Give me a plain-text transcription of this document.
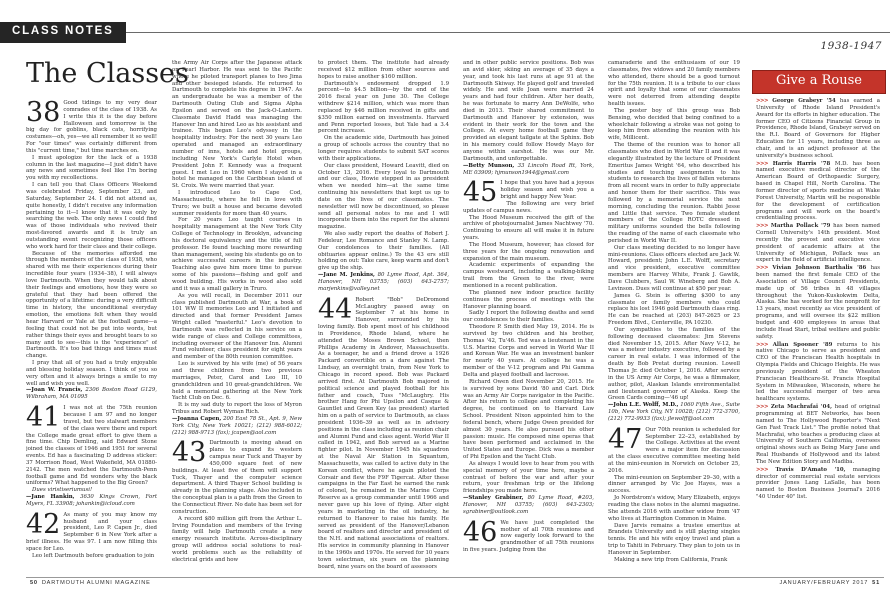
CLASS NOTES
1938-1947
The Classes
38 Good tidings to my very dear comrades of the class of 1938. As I write this it is the day before Halloween and tomorrow is the big day for goblins, black cats, horrifying costumes—oh, yes—we all remember it so well! For "our times" was certainly different from this "current time," but time marches on.

I must apologize for the lack of a 1938 column in the last magazine—I just didn't have any news and sometimes feel like I'm boring you with my recollections.

I can tell you that Class Officers Weekend was celebrated Friday, September 23, and Saturday, September 24. I did not attend as, quite honestly, I didn't receive any information pertaining to it—I know that it was only by searching the web. The only news I could find was of those individuals who revived their most-favored awards and it is truly an outstanding event recognizing those officers who work hard for their class and their college.

Because of the memories afforded me through the members of the class of 1938, who shared with me their experiences during their incredible four years (1934–38), I will always love Dartmouth. When they would talk about their feelings and emotions, how they were so grateful that they had been offered the opportunity of a lifetime: during a very difficult time in history, the unconditional everyday emotion, the emotions felt when they would hear Harvard or Yale at the football game—a feeling that could not be put into words, but rather things their eyes and brought tears to so many and to see—this is the "experience" of Dartmouth. It's too bad things and times must change.

I pray that all of you had a truly enjoyable and blessing holiday season. I think of you so very often and it always brings a smile to my well and wish you well.

—Joan W. Francis, 2306 Boston Road G129, Wilbraham, MA 01095

41 I was not at the 75th reunion because I am 97 and no longer travel, but two stalwart members of the class were there and report the College made great effort to give them a fine time. Chip Demling, said Edward Stone joined the classes of 1946 and 1951 for several events. Ed has a fascinating D address sticker: 37 Morrison Road, West Wakefield, MA 01880-2142. The men watched the Dartmouth-Penn football game and Ed wonders why the black uniforms? What happened to the Big Green?

Dues viristiseriumusi!

—Jane Hankin, 3630 Kings Crown, Fort Myers, FL 33908; johankin@icloud.com

42 As many of you may know my husband and your class president, Leo P. Capen Jr., died September 6 in New York after a brief illness. He was 97. I am now filling this space for Leo.

Leo left Dartmouth before graduation to join

the Army Air Corps after the Japanese attack on Pearl Harbor. He was sent to the Pacific where he piloted transport planes to Iwo Jima and other besieged islands. He returned to Dartmouth to complete his degree in 1947. As an undergraduate he was a member of the Dartmouth Outing Club and Sigma Alpha Epsilon and served on the Jack-O-Lantern. Classmate David Hadd was managing the Hanover Inn and hired Leo as his assistant and trainee. This began Leo's odyssey in the hospitality industry. For the next 30 years Leo operated and managed an extraordinary number of inns, hotels and hotel groups, including New York's Carlyle Hotel when President John F. Kennedy was a frequent guest. I met Leo in 1960 when I stayed in a hotel he managed on the Caribbean island of St. Croix. We were married that year.

I introduced Leo to Cape Cod, Massachusetts, where he fell in love with Truro; we built a house and became devoted summer residents for more than 40 years.

For 20 years Leo taught courses in hospitality management at the New York City College of Technology in Brooklyn, advancing his doctoral equivalency and the title of full professor. He found teaching more rewarding than management, seeing his students go on to achieve successful careers in the industry. Teaching also gave him more time to pursue some of his passions—fishing and golf and wood building. His works in wood also sold and it was a small gallery in Truro.

As you will recall, in December 2011 our class published Dartmouth at War, a book of 101 WW II memories Leo and I initiated and directed and that former President James Wright called "masterful." Leo's devotion to Dartmouth was reflected in his service on a wide range of class and College committees, including overseer of the Hanover Inn. Alumni Fund volunteer, class president for eight years and member of the 80th reunion committee.

Leo is survived by his wife (me) of 56 years and three children from two previous marriages, Peter, Carol and Leo III, 10 grandchildren and 10 great-grandchildren. We held a memorial gathering at the New York Yacht Club on Dec. 6.

It is my sad duty to report the loss of Myron Tribus and Robert Wyman Rich.

—Joanna Capen, 200 East 78 St., Apt. 9, New York City, New York 10021; (212) 988-6012; (212) 988-9713 (fax); jcapen@aol.com

43 Dartmouth is moving ahead on plans to expand its western campus near Tuck and Thayer by 450,000 square feet of new buildings. At least five of them will support Tuck, Thayer and the computer science department. A third Thayer School building is already in the planning stage. Also included in the conceptual plan is a path from the Green to the Connecticut River. No date has been set for construction.

A record $80 million gift from the Arthur L. Irving Foundation and members of the Irving family will help Dartmouth create a new energy research institute. Across-disciplinary group will address social solutions to real-world problems such as the reliability of electrical grids and how

to protect them. The institute had already received $12 million from other sources and hopes to raise another $160 million.

Dartmouth's endowment dropped 1.9 percent—to $4.5 billion—by the end of the 2016 fiscal year on June 30. The College withdrew $214 million, which was more than replaced by $46 million received in gifts and $350 million earned on investments. Harvard and Penn reported losses, but Yale had a 3.4 percent increase.

On the academic side, Dartmouth has joined a group of schools across the country that no longer requires students to submit SAT scores with their applications.

Our class president, Howard Leavitt, died on October 13, 2016. Every loyal to Dartmouth and our class, Howie stepped in as president when we needed him—at the same time continuing his newsletters that kept us up to date on the lives of our classmates. The newsletter will now be discontinued, so please send all personal notes to me and I will incorporate them into the report for the alumni magazine.

We also sadly report the deaths of Robert J. Fedeleur, Lee Romance and Stanley N. Lamp. Our condolences to their families. (All obituaries appear online.) To the 43 ers still holding on out: Take care, keep warm and don't give up the ship.

—Jane M. Jenkins, 80 Lyme Road, Apt. 364, Hanover, NH 03755; (603) 643-2757; marjenkins@valley.net

44 Robert "Bob" DeDromond McLaughry passed away on September 7 at his home in Hanover, surrounded by his loving family. Bob spent most of his childhood in Providence, Rhode Island, where he attended the Moses Brown School, then Phillips Academy in Andover, Massachusetts. As a teenager, he and a friend drove a 1926 Packard convertible on a dare against The Lindsay, an overnight train, from New York to Chicago in record speed. Bob was Packard arrived first. At Dartmouth Bob majored in political science and played football for his father and coach, Tuss "McLaughry. His brother Hang for Phi Upsilon and Casque & Gauntlet and Green Key (as president) started him on a path of service to Dartmouth, as class president 1936–39 as well as in advisory positions in the class including as reunion chair and Alumni Fund and class agent. World War II called in 1942, and Bob served as a Marine fighter pilot. In November 1945 his squadron at the Naval Air Station in Squantum, Massachusetts, was called to active duty in the Korean conflict, where he again piloted the Corsair and flew the F9F Tigercat. After these campaigns in the Far East he earned the rank of colonel, he remained in the Marine Corps Reserve as a group commander until 1966 and never gave up his love of flying. After eight years in marketing in the oil industry, he returned to Hanover to raise his family. He served as president of the Hanover/Lebanon board of realtors and director and president of the N.H. and national associations of realtors. His service in community planning in Hanover in the 1960s and 1970s. He served for 10 years town selectman, six years on the planning board, nine years on the board of assessors

and in other public service positions. Bob was an avid skier, skiing an average of 35 days a year, and took his last runs at age 91 at the Dartmouth Skiway. He played golf and traveled widely. He and wife Joan were married 24 years and had four children. After her death, he was fortunate to marry Ann DeWolfe, who died in 2013. Their shared commitment to Dartmouth and Hanover by extension, was evident in their work for the town and the College. At every home football game they provided an elegant tailgate at the Sphinx. Bob in his memory could follow Howdy Mayo for anyone within earshot. He was our Mr. Dartmouth, and unforgettable.

—Betty Munson, 33 Lincoln Road Rt, York, ME 03909; hjmunson1944@gmail.com

45 I hope that you have had a joyous holiday season and wish you a bright and happy New Year.

The following are very brief updates of campus news.

The Hood Museum received the gift of the archive of photojournalist James Nachtwey '70. Continuing to ensure all will make it in future years.

The Hood Museum, however, has closed for three years for the ongoing renovation and expansion of the main museum.

Academic experiments of expanding the campus westward, including a walking-biking trail from the Green to the river, were mentioned in a recent publication.

The planned new indoor practice facility continues the process of meetings with the Hanover planning board.

Sadly I report the following deaths and send our condolences to their families.

Theodore P. Smith died May 19, 2014. He is survived by two children and his brother, Thomas '42, Tu'46. Ted was a lieutenant in the U.S. Marine Corps and served in World War II and Korean War. He was an investment banker for nearly 40 years. At college he was a member of the V-12 program and Phi Gamma Delta and played football and lacrosse.

Richard Owen died November 20, 2015. He is survived by sons David '80 and Carl. Dick was an Army Air Corps navigator in the Pacific. After his return to college and completing his degree, he continued on to Harvard Law School. President Nixon appointed him to the federal bench, where Judge Owen presided for almost 30 years. He also pursued his other passion: music. He composed nine operas that have been performed and acclaimed in the United States and Europe. Dick was a member of Phi Epsilon and the Yacht Club.

As always I would love to hear from you with special memory of your time here, maybe a contrast of before the war and after your return, your freshman trip or the lifelong friendships you made here.

—Stanley Grabiner, 80 Lyme Road, #203, Hanover, NH 03755; (603) 643-2303; sgrabiner@outlook.com

46 We have just completed the mother of all 70th reunions and now eagerly look forward to the grandmother of all 75th reunions in five years. Judging from the

camaraderie and the enthusiasm of our 19 classmates, five widows and 20 family members who attended, there should be a good turnout for the 75th reunion. It is a tribute to our class spirit and loyalty that some of our classmates were not deterred from attending despite health issues.

The poster boy of this group was Bob Bensing, who decided that being confined to a wheelchair following a stroke was not going to keep him from attending the reunion with his wife, Millicent.

The theme of the reunion was to honor all classmates who died in World War II and it was elegantly illustrated by the lecture of President Emeritus James Wright '64, who described his studies and touching assignments to his students to research the lives of fallen veterans from all recent wars in order to fully appreciate and honor them for their sacrifice. This was followed by a memorial service the next morning, concluding the reunion. Rabbi Jesse and Little that service. Two female student members of the College ROTC dressed in military uniforms sounded the bells following the reading of the name of each classmate who perished in World War II.

Our class meeting decided to no longer have mini-reunions. Class officers elected are Jack W. Howard, president; John L.E. Wolff, secretary and vice president, executive committee members are Harvey White, Frank J. Gawlik, Dave Clubbers, Saul W. Wineberg and Bob A. Levinson. Dues will continue at $50 per year.

James G. Stein is offering $300 to any classmate or family members who could replace his lost 1946 gold Dartmouth class ring. He can be reached at (203) 847-2625 or 23 Freedom Blvd., Centerville, PA 10230.

Our sympathies to the families of the following deceased classmates: Jim Stevens died November 15, 2015. After Navy V-12, he was a meteor industry executive, followed by a career in real estate. I was informed of the death by Bob Pretat during reunion. Lowell Thomas Jr. died October 1, 2016. After service in the US Army Air Corps, he was a filmmaker, author, pilot, Alaskan Islands environmentalist and lieutenant governor of Alaska. Keep the Green Cards coming—'46 up!

—John L.E. Wolff, M.D., 1060 Fifth Ave., Suite 10b, New York City, NY 10028; (212) 772-3700, (212) 772-9933 (fax); jlewolff@aol.com

47 Our 70th reunion is scheduled for September 22–23, established by the College. Activities at the event were a major item for discussion at the class executive committee meeting held at the mini-reunion in Norwich on October 25, 2016.

The mini-reunion on September 29–30, with a dinner arranged by Vic Joe Hayes, was a success.

Jo Nordstrom's widow, Mary Elizabeth, enjoys reading the class notes in the alumni magazine. She attends 2016 with another widow from '47 who lives at Harrington Common in Maine.

Dave Jarvis remains a trustee emeritus at Brandeis University and is still playing singles tennis. He and his wife enjoy travel and plan a trip to Tahiti in February. They plan to join us in Hanover in September.

Making a new trip from California, Frank

Give a Rouse

>>> George Grabeyr '54 has earned a University of Rhode Island President's Award for its efforts in higher education. The former CEO of Citizens Financial Group in Providence, Rhode Island, Grabeyr served on the R.I. Board of Governors for Higher Education for 11 years, including three as chair, and is an adjunct professor at the university's business school.

>>> Harris Harris '78 M.D. has been named executive medical director of the American Board of Orthopaedic Surgery, based in Chapel Hill, North Carolina. The former director of sports medicine at Wake Forest University, Martin will be responsible for the development of certification programs and will work on the board's credentialing process.

>>> Martha Pollack '79 has been named Cornell University's 14th president. Most recently the provost and executive vice president of academic affairs at the University of Michigan, Pollack was an expert in the field of artificial intelligence.

>>> Vivian Johnson Barthalis '86 has been named the first female CEO of the Association of Village Council Presidents, made up of 56 tribes in 48 villages throughout the Yukon-Kuskokwim Delta, Alaska. She has worked for the nonprofit for 13 years, most recently as vice president of programs, and will oversee its $22 million budget and 400 employees in areas that include Head Start, tribal welfare and public safety.

>>> Allan Spooner '89 returns to his native Chicago to serve as president and CEO of the Franciscan Health hospitals in Olympia Fields and Chicago Heights. He was previously president of the Wheaton Franciscan Healthcare-St. Francis Hospital System in Milwaukee, Wisconsin, where he led the successful merger of two area healthcare systems.

>>> Zeta Machrafai '04, head of original programming at BET Networks, has been named to The Hollywood Reporter's "Next Gen Fast Track List." The profile noted that Machrafai, who teaches a producing class at University of Southern California, oversees original shows such as Being Mary Jane and Real Husbands of Hollywood and its latest The New Edition Story and Madiba.

>>> Travis D'Amato '10, managing director of commercial real estate services provider Jones Lang LaSalle, has been named to Boston Business Journal's 2016 "40 Under 40" list.

50 DARTMOUTH ALUMNI MAGAZINE	JANUARY/FEBRUARY 2017 51
